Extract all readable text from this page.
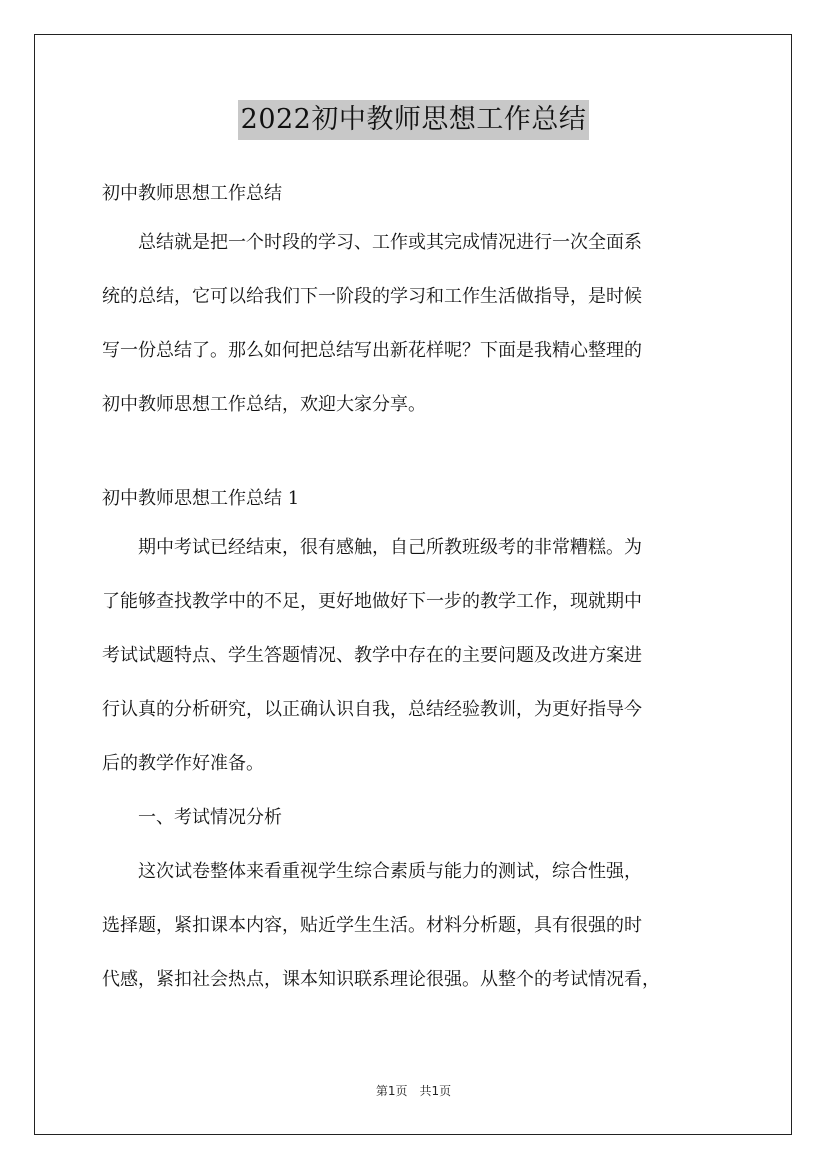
2022初中教师思想工作总结

初中教师思想工作总结

总结就是把一个时段的学习、工作或其完成情况进行一次全面系
统的总结，它可以给我们下一阶段的学习和工作生活做指导，是时候
写一份总结了。那么如何把总结写出新花样呢？下面是我精心整理的
初中教师思想工作总结，欢迎大家分享。

初中教师思想工作总结 1

期中考试已经结束，很有感触，自己所教班级考的非常糟糕。为
了能够查找教学中的不足，更好地做好下一步的教学工作，现就期中
考试试题特点、学生答题情况、教学中存在的主要问题及改进方案进
行认真的分析研究，以正确认识自我，总结经验教训，为更好指导今
后的教学作好准备。
一、考试情况分析
这次试卷整体来看重视学生综合素质与能力的测试，综合性强，
选择题，紧扣课本内容，贴近学生生活。材料分析题，具有很强的时
代感，紧扣社会热点，课本知识联系理论很强。从整个的考试情况看，
第1页　共1页
